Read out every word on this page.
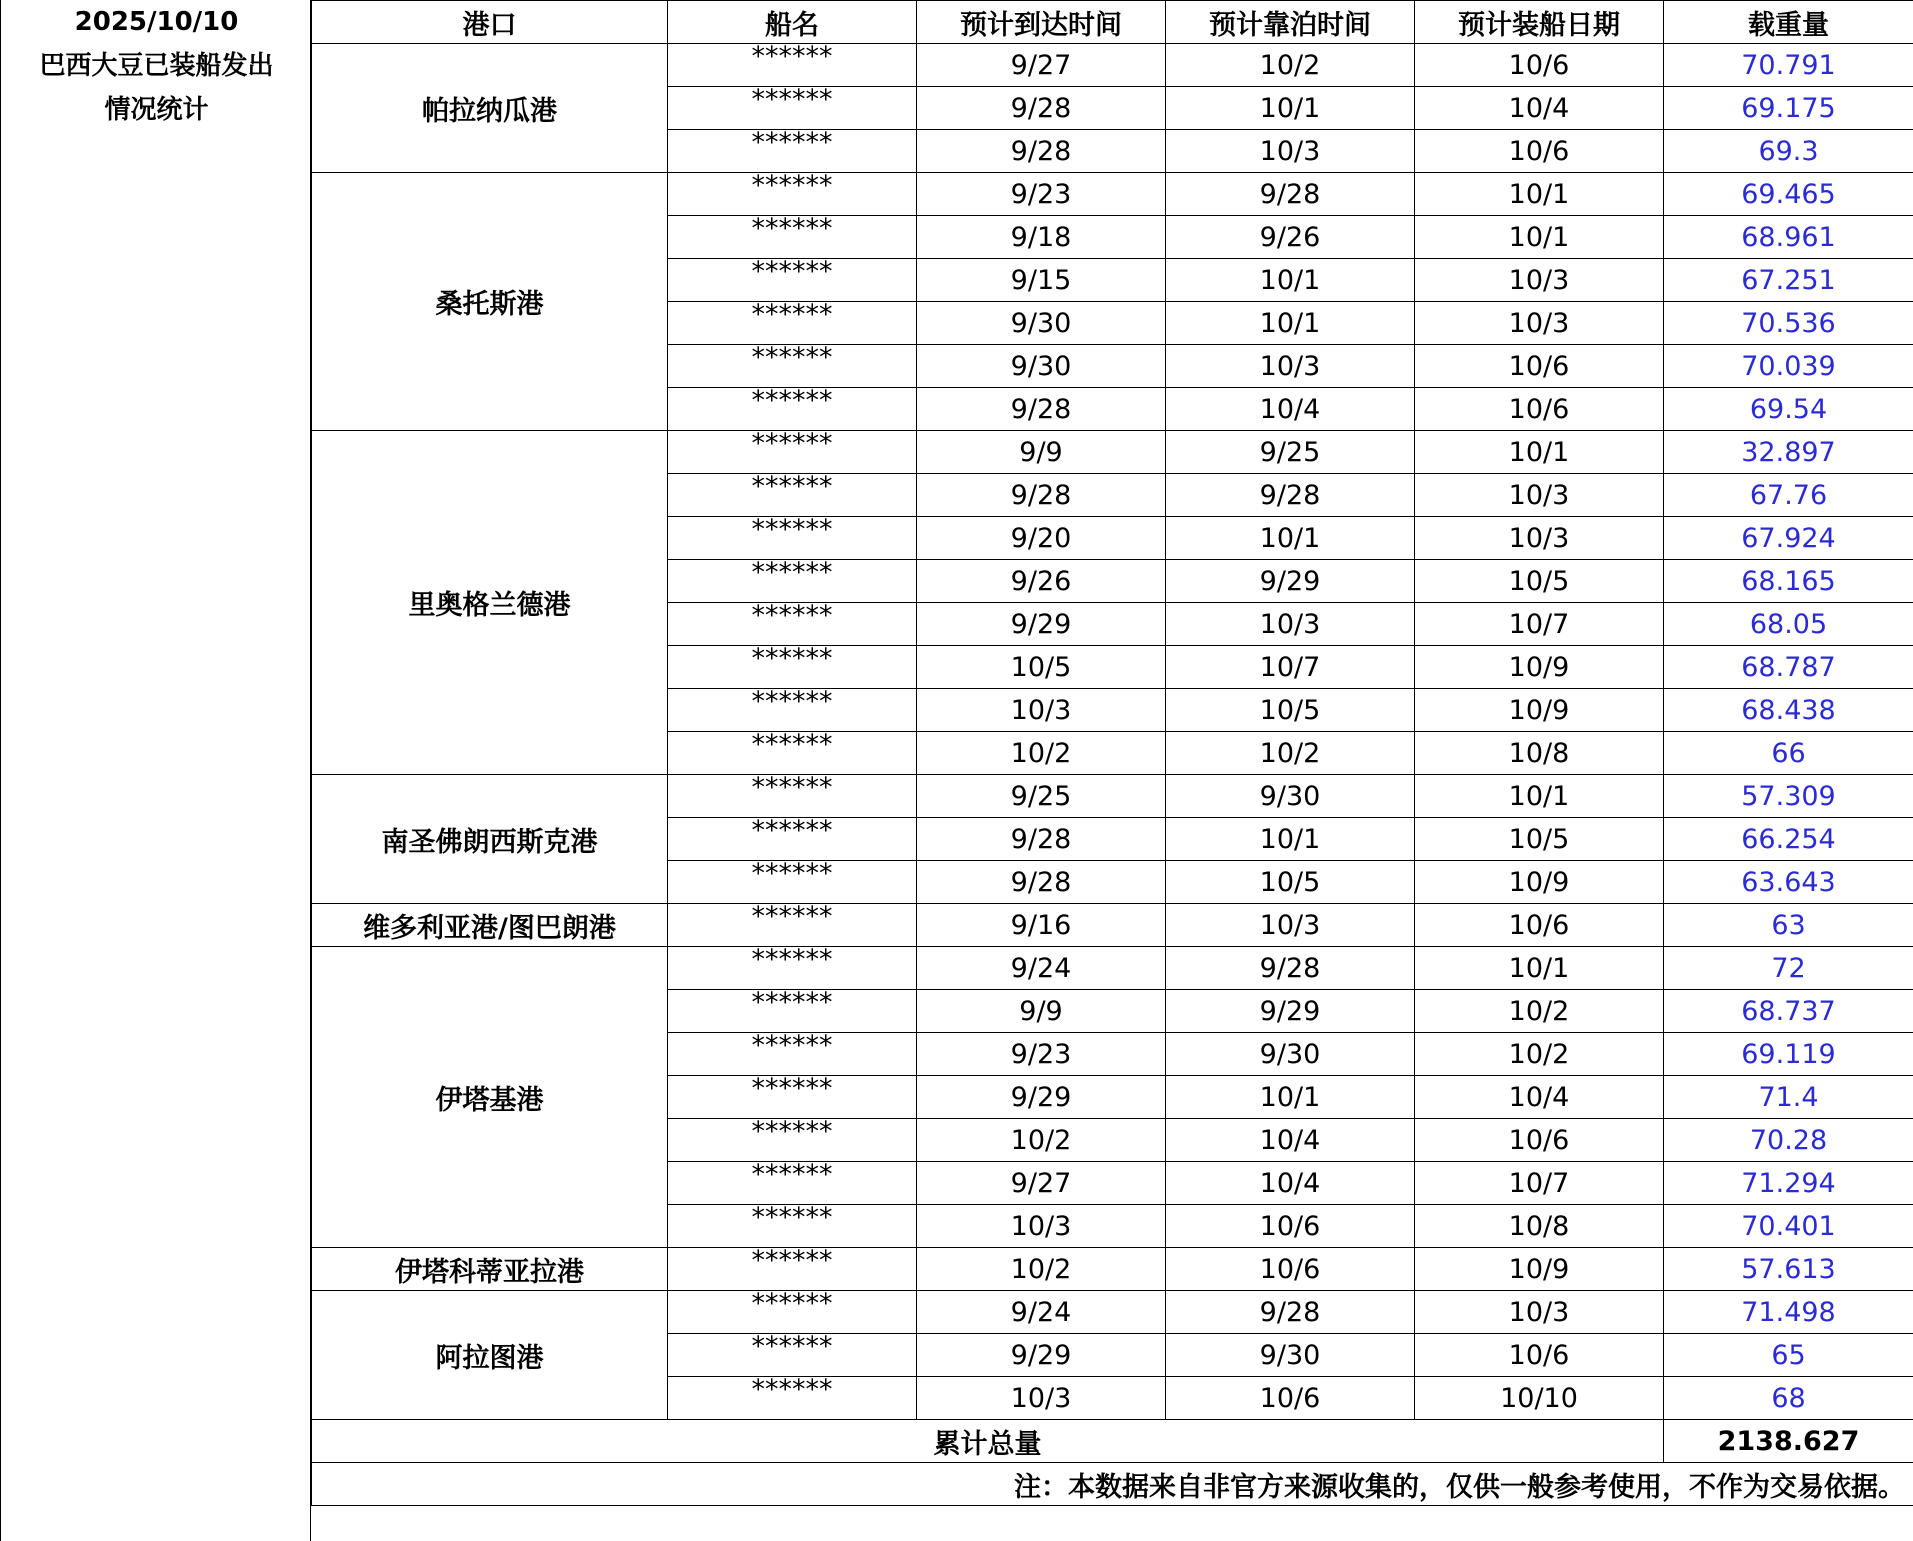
2025/10/10
巴西大豆已装船发出
情况统计
港口	船名	预计到达时间	预计靠泊时间	预计装船日期	载重量
帕拉纳瓜港	******	9/27	10/2	10/6	70.791
	******	9/28	10/1	10/4	69.175
	******	9/28	10/3	10/6	69.3
桑托斯港	******	9/23	9/28	10/1	69.465
	******	9/18	9/26	10/1	68.961
	******	9/15	10/1	10/3	67.251
	******	9/30	10/1	10/3	70.536
	******	9/30	10/3	10/6	70.039
	******	9/28	10/4	10/6	69.54
里奥格兰德港	******	9/9	9/25	10/1	32.897
	******	9/28	9/28	10/3	67.76
	******	9/20	10/1	10/3	67.924
	******	9/26	9/29	10/5	68.165
	******	9/29	10/3	10/7	68.05
	******	10/5	10/7	10/9	68.787
	******	10/3	10/5	10/9	68.438
	******	10/2	10/2	10/8	66
南圣佛朗西斯克港	******	9/25	9/30	10/1	57.309
	******	9/28	10/1	10/5	66.254
	******	9/28	10/5	10/9	63.643
维多利亚港/图巴朗港	******	9/16	10/3	10/6	63
伊塔基港	******	9/24	9/28	10/1	72
	******	9/9	9/29	10/2	68.737
	******	9/23	9/30	10/2	69.119
	******	9/29	10/1	10/4	71.4
	******	10/2	10/4	10/6	70.28
	******	9/27	10/4	10/7	71.294
	******	10/3	10/6	10/8	70.401
伊塔科蒂亚拉港	******	10/2	10/6	10/9	57.613
阿拉图港	******	9/24	9/28	10/3	71.498
	******	9/29	9/30	10/6	65
	******	10/3	10/6	10/10	68
累计总量					2138.627
注：本数据来自非官方来源收集的，仅供一般参考使用，不作为交易依据。					
